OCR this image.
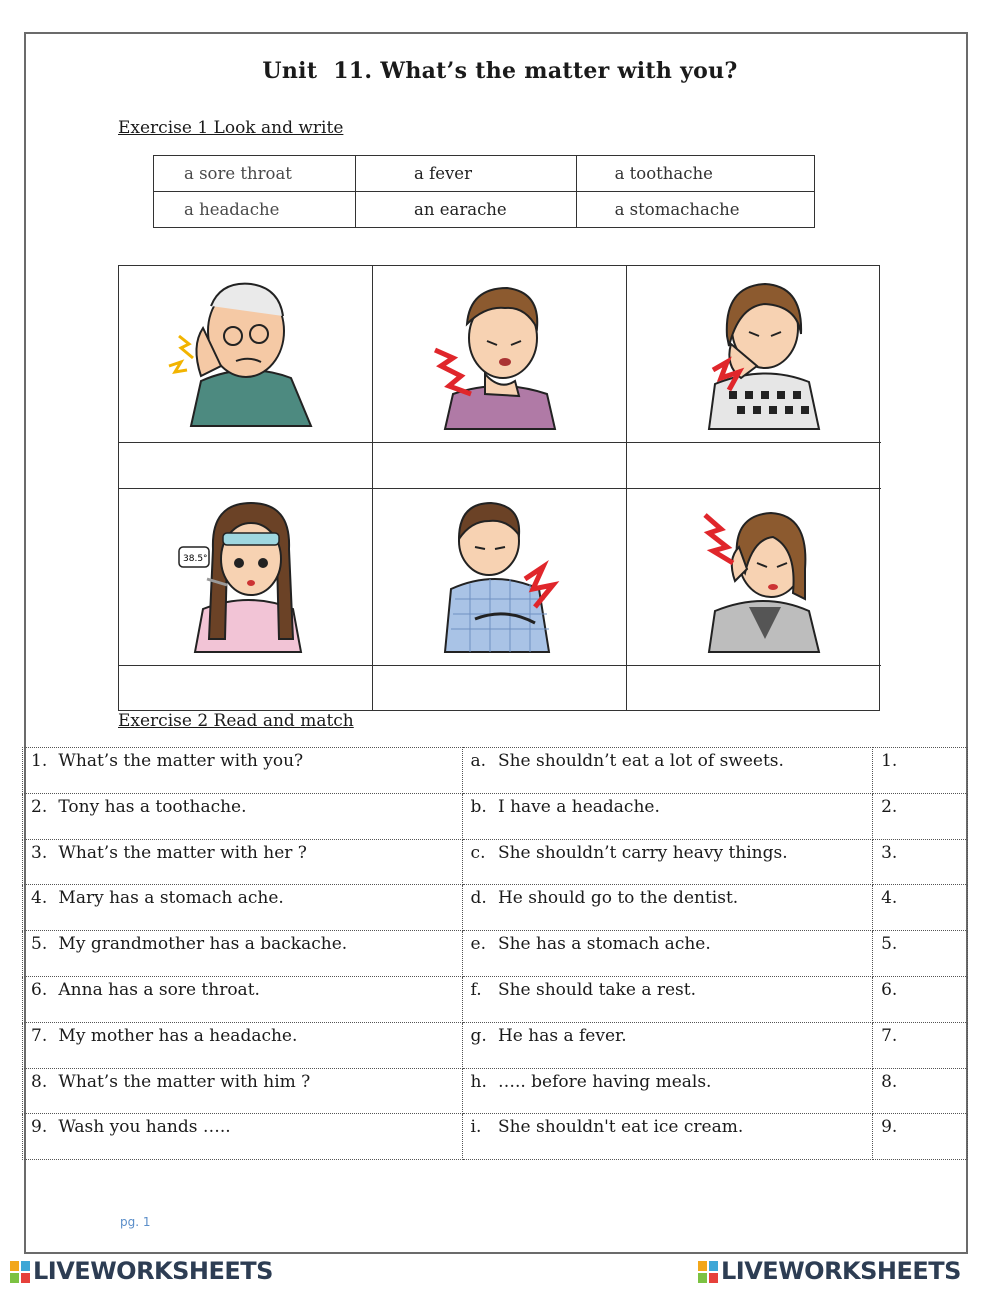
Unit  11. What’s the matter with you?
Exercise 1 Look and write
a sore throat	a fever	a toothache
a headache	an earache	a stomachache
38.5°
Exercise 2 Read and match
1. What’s the matter with you?	a. She shouldn’t eat a lot of sweets.	1.
2. Tony has a toothache.	b. I have a headache.	2.
3. What’s the matter with her ?	c. She shouldn’t carry heavy things.	3.
4. Mary has a stomach ache.	d. He should go to the dentist.	4.
5. My grandmother has a backache.	e. She has a stomach ache.	5.
6. Anna has a sore throat.	f. She should take a rest.	6.
7. My mother has a headache.	g. He has a fever.	7.
8. What’s the matter with him ?	h. ….. before having meals.	8.
9. Wash you hands …..	i. She shouldn't eat ice cream.	9.
pg. 1
LIVEWORKSHEETS	LIVEWORKSHEETS
